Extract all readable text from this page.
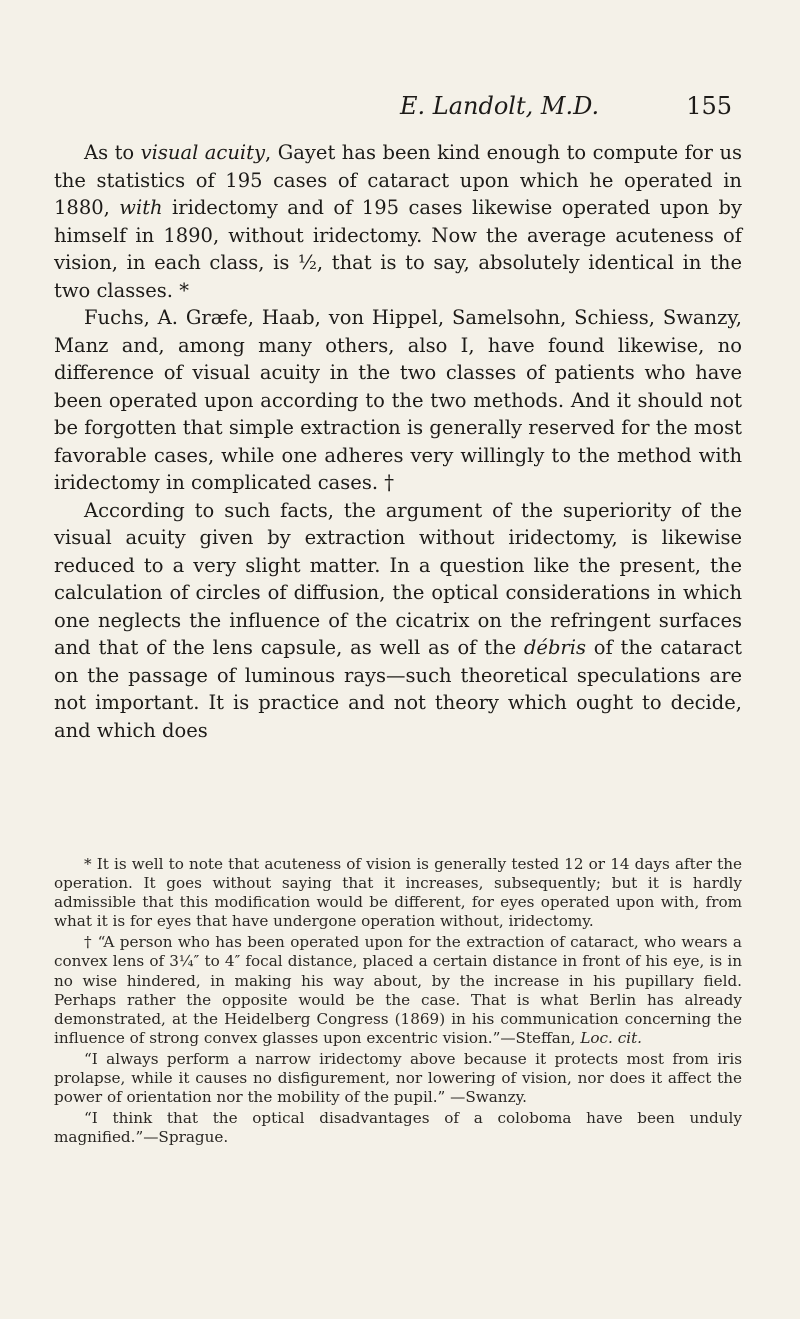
E. Landolt, M.D.	155

As to visual acuity, Gayet has been kind enough to compute for us the statistics of 195 cases of cataract upon which he operated in 1880, with iridectomy and of 195 cases likewise operated upon by himself in 1890, without iridectomy. Now the average acuteness of vision, in each class, is ½, that is to say, absolutely identical in the two classes. *

Fuchs, A. Græfe, Haab, von Hippel, Samelsohn, Schiess, Swanzy, Manz and, among many others, also I, have found likewise, no difference of visual acuity in the two classes of patients who have been operated upon according to the two methods. And it should not be forgotten that simple extraction is generally reserved for the most favorable cases, while one adheres very willingly to the method with iridectomy in complicated cases. †

According to such facts, the argument of the superiority of the visual acuity given by extraction without iridectomy, is likewise reduced to a very slight matter. In a question like the present, the calculation of circles of diffusion, the optical considerations in which one neglects the influence of the cicatrix on the refringent surfaces and that of the lens capsule, as well as of the débris of the cataract on the passage of luminous rays—such theoretical speculations are not important. It is practice and not theory which ought to decide, and which does

* It is well to note that acuteness of vision is generally tested 12 or 14 days after the operation. It goes without saying that it increases, subsequently; but it is hardly admissible that this modification would be different, for eyes operated upon with, from what it is for eyes that have undergone operation without, iridectomy.

† “A person who has been operated upon for the extraction of cataract, who wears a convex lens of 3¼″ to 4″ focal distance, placed a certain distance in front of his eye, is in no wise hindered, in making his way about, by the increase in his pupillary field. Perhaps rather the opposite would be the case. That is what Berlin has already demonstrated, at the Heidelberg Congress (1869) in his communication concerning the influence of strong convex glasses upon excentric vision.”—Steffan, Loc. cit.

“I always perform a narrow iridectomy above because it protects most from iris prolapse, while it causes no disfigurement, nor lowering of vision, nor does it affect the power of orientation nor the mobility of the pupil.” —Swanzy.

“I think that the optical disadvantages of a coloboma have been unduly magnified.”—Sprague.
